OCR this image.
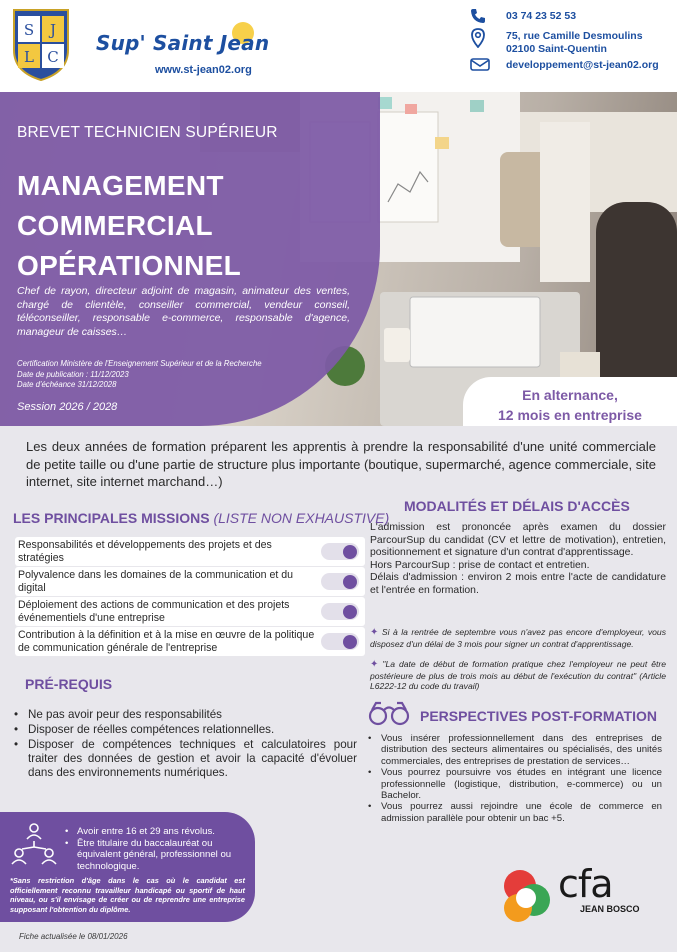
S J
L C
Sup' Saint Jean
www.st-jean02.org
03 74 23 52 53
75, rue Camille Desmoulins
02100 Saint-Quentin
developpement@st-jean02.org
BREVET TECHNICIEN SUPÉRIEUR
MANAGEMENT
COMMERCIAL
OPÉRATIONNEL
Chef de rayon, directeur adjoint de magasin, animateur des ventes, chargé de clientèle, conseiller commercial, vendeur conseil, téléconseiller, responsable e-commerce, responsable d'agence, manageur de caisses…
Certification Ministère de l'Enseignement Supérieur et de la Recherche
Date de publication : 11/12/2023
Date d'échéance 31/12/2028
Session 2026 / 2028
En alternance,
12 mois en entreprise
Les deux années de formation préparent les apprentis à prendre la responsabilité d'une unité commerciale de petite taille ou d'une partie de structure plus importante (boutique, supermarché, agence commerciale, site internet, site internet marchand…)
LES PRINCIPALES MISSIONS (LISTE NON EXHAUSTIVE)
Responsabilités et développements des projets et des stratégies
Polyvalence dans les domaines de la communication et du digital
Déploiement des actions de communication et des projets événementiels d'une entreprise
Contribution à la définition et à la mise en œuvre de la politique de communication générale de l'entreprise
PRÉ-REQUIS
• Ne pas avoir peur des responsabilités
• Disposer de réelles compétences relationnelles.
• Disposer de compétences techniques et calculatoires pour traiter des données de gestion et avoir la capacité d'évoluer dans des environnements numériques.
• Avoir entre 16 et 29 ans révolus.
• Être titulaire du baccalauréat ou équivalent général, professionnel ou technologique.
*Sans restriction d'âge dans le cas où le candidat est officiellement reconnu travailleur handicapé ou sportif de haut niveau, ou s'il envisage de créer ou de reprendre une entreprise supposant l'obtention du diplôme.
Fiche actualisée le 08/01/2026
MODALITÉS ET DÉLAIS D'ACCÈS
L'admission est prononcée après examen du dossier ParcourSup du candidat (CV et lettre de motivation), entretien, positionnement et signature d'un contrat d'apprentissage.
Hors ParcourSup : prise de contact et entretien.
Délais d'admission : environ 2 mois entre l'acte de candidature et l'entrée en formation.
✦ Si à la rentrée de septembre vous n'avez pas encore d'employeur, vous disposez d'un délai de 3 mois pour signer un contrat d'apprentissage.
✦ "La date de début de formation pratique chez l'employeur ne peut être postérieure de plus de trois mois au début de l'exécution du contrat" (Article L6222-12 du code du travail)
PERSPECTIVES POST-FORMATION
• Vous insérer professionnellement dans des entreprises de distribution des secteurs alimentaires ou spécialisés, des unités commerciales, des entreprises de prestation de services…
• Vous pourrez poursuivre vos études en intégrant une licence professionnelle (logistique, distribution, e-commerce) ou un Bachelor.
• Vous pourrez aussi rejoindre une école de commerce en admission parallèle pour obtenir un bac +5.
cfa
JEAN BOSCO
